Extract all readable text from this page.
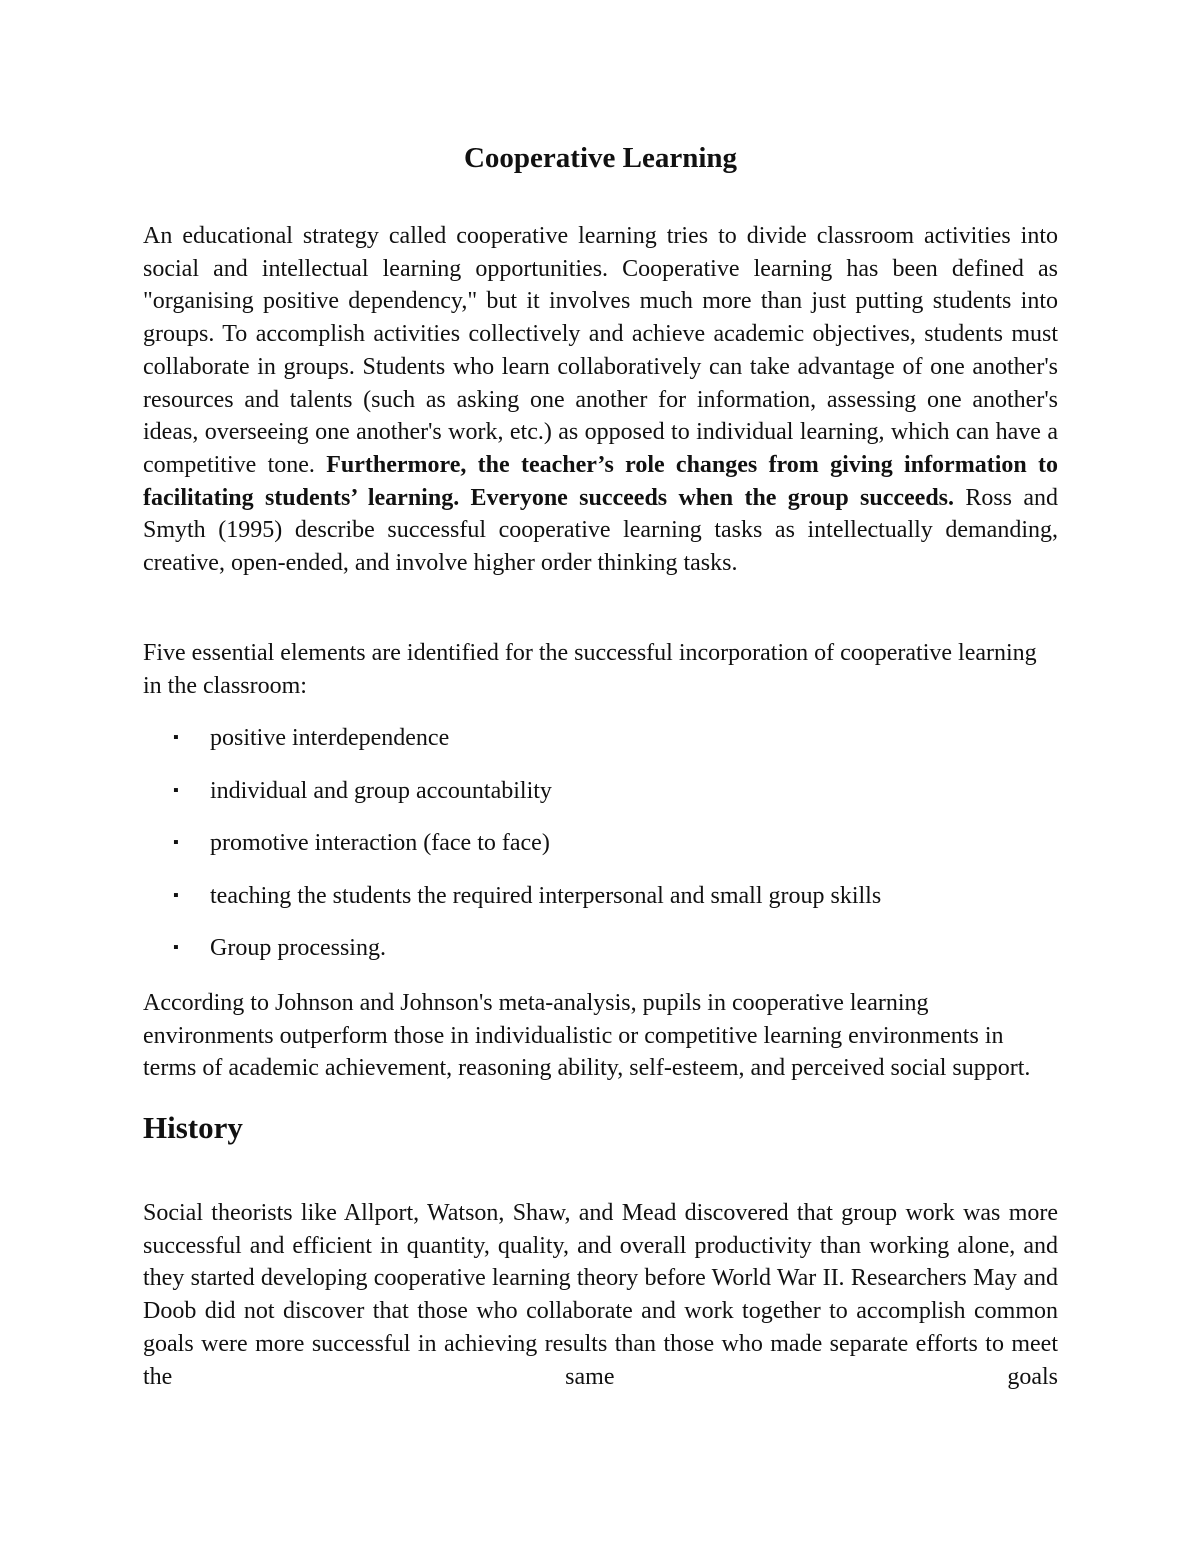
Cooperative Learning

An educational strategy called cooperative learning tries to divide classroom activities into social and intellectual learning opportunities. Cooperative learning has been defined as "organising positive dependency," but it involves much more than just putting students into groups. To accomplish activities collectively and achieve academic objectives, students must collaborate in groups. Students who learn collaboratively can take advantage of one another's resources and talents (such as asking one another for information, assessing one another's ideas, overseeing one another's work, etc.) as opposed to individual learning, which can have a competitive tone. Furthermore, the teacher’s role changes from giving information to facilitating students’ learning. Everyone succeeds when the group succeeds. Ross and Smyth (1995) describe successful cooperative learning tasks as intellectually demanding, creative, open-ended, and involve higher order thinking tasks.

Five essential elements are identified for the successful incorporation of cooperative learning in the classroom:

▪ positive interdependence
▪ individual and group accountability
▪ promotive interaction (face to face)
▪ teaching the students the required interpersonal and small group skills
▪ Group processing.

According to Johnson and Johnson's meta-analysis, pupils in cooperative learning environments outperform those in individualistic or competitive learning environments in terms of academic achievement, reasoning ability, self-esteem, and perceived social support.

History

Social theorists like Allport, Watson, Shaw, and Mead discovered that group work was more successful and efficient in quantity, quality, and overall productivity than working alone, and they started developing cooperative learning theory before World War II. Researchers May and Doob did not discover that those who collaborate and work together to accomplish common goals were more successful in achieving results than those who made separate efforts to meet the same goals
